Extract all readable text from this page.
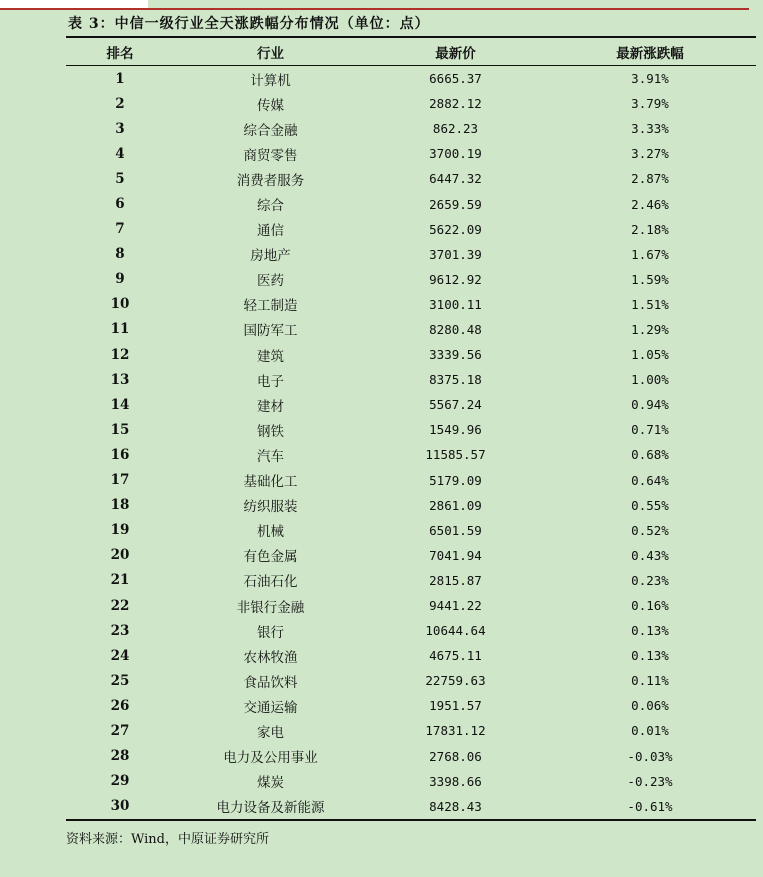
表 3：中信一级行业全天涨跌幅分布情况（单位：点）
排名	行业	最新价	最新涨跌幅
1	计算机	6665.37	3.91%
2	传媒	2882.12	3.79%
3	综合金融	862.23	3.33%
4	商贸零售	3700.19	3.27%
5	消费者服务	6447.32	2.87%
6	综合	2659.59	2.46%
7	通信	5622.09	2.18%
8	房地产	3701.39	1.67%
9	医药	9612.92	1.59%
10	轻工制造	3100.11	1.51%
11	国防军工	8280.48	1.29%
12	建筑	3339.56	1.05%
13	电子	8375.18	1.00%
14	建材	5567.24	0.94%
15	钢铁	1549.96	0.71%
16	汽车	11585.57	0.68%
17	基础化工	5179.09	0.64%
18	纺织服装	2861.09	0.55%
19	机械	6501.59	0.52%
20	有色金属	7041.94	0.43%
21	石油石化	2815.87	0.23%
22	非银行金融	9441.22	0.16%
23	银行	10644.64	0.13%
24	农林牧渔	4675.11	0.13%
25	食品饮料	22759.63	0.11%
26	交通运输	1951.57	0.06%
27	家电	17831.12	0.01%
28	电力及公用事业	2768.06	-0.03%
29	煤炭	3398.66	-0.23%
30	电力设备及新能源	8428.43	-0.61%
资料来源：Wind，中原证券研究所
